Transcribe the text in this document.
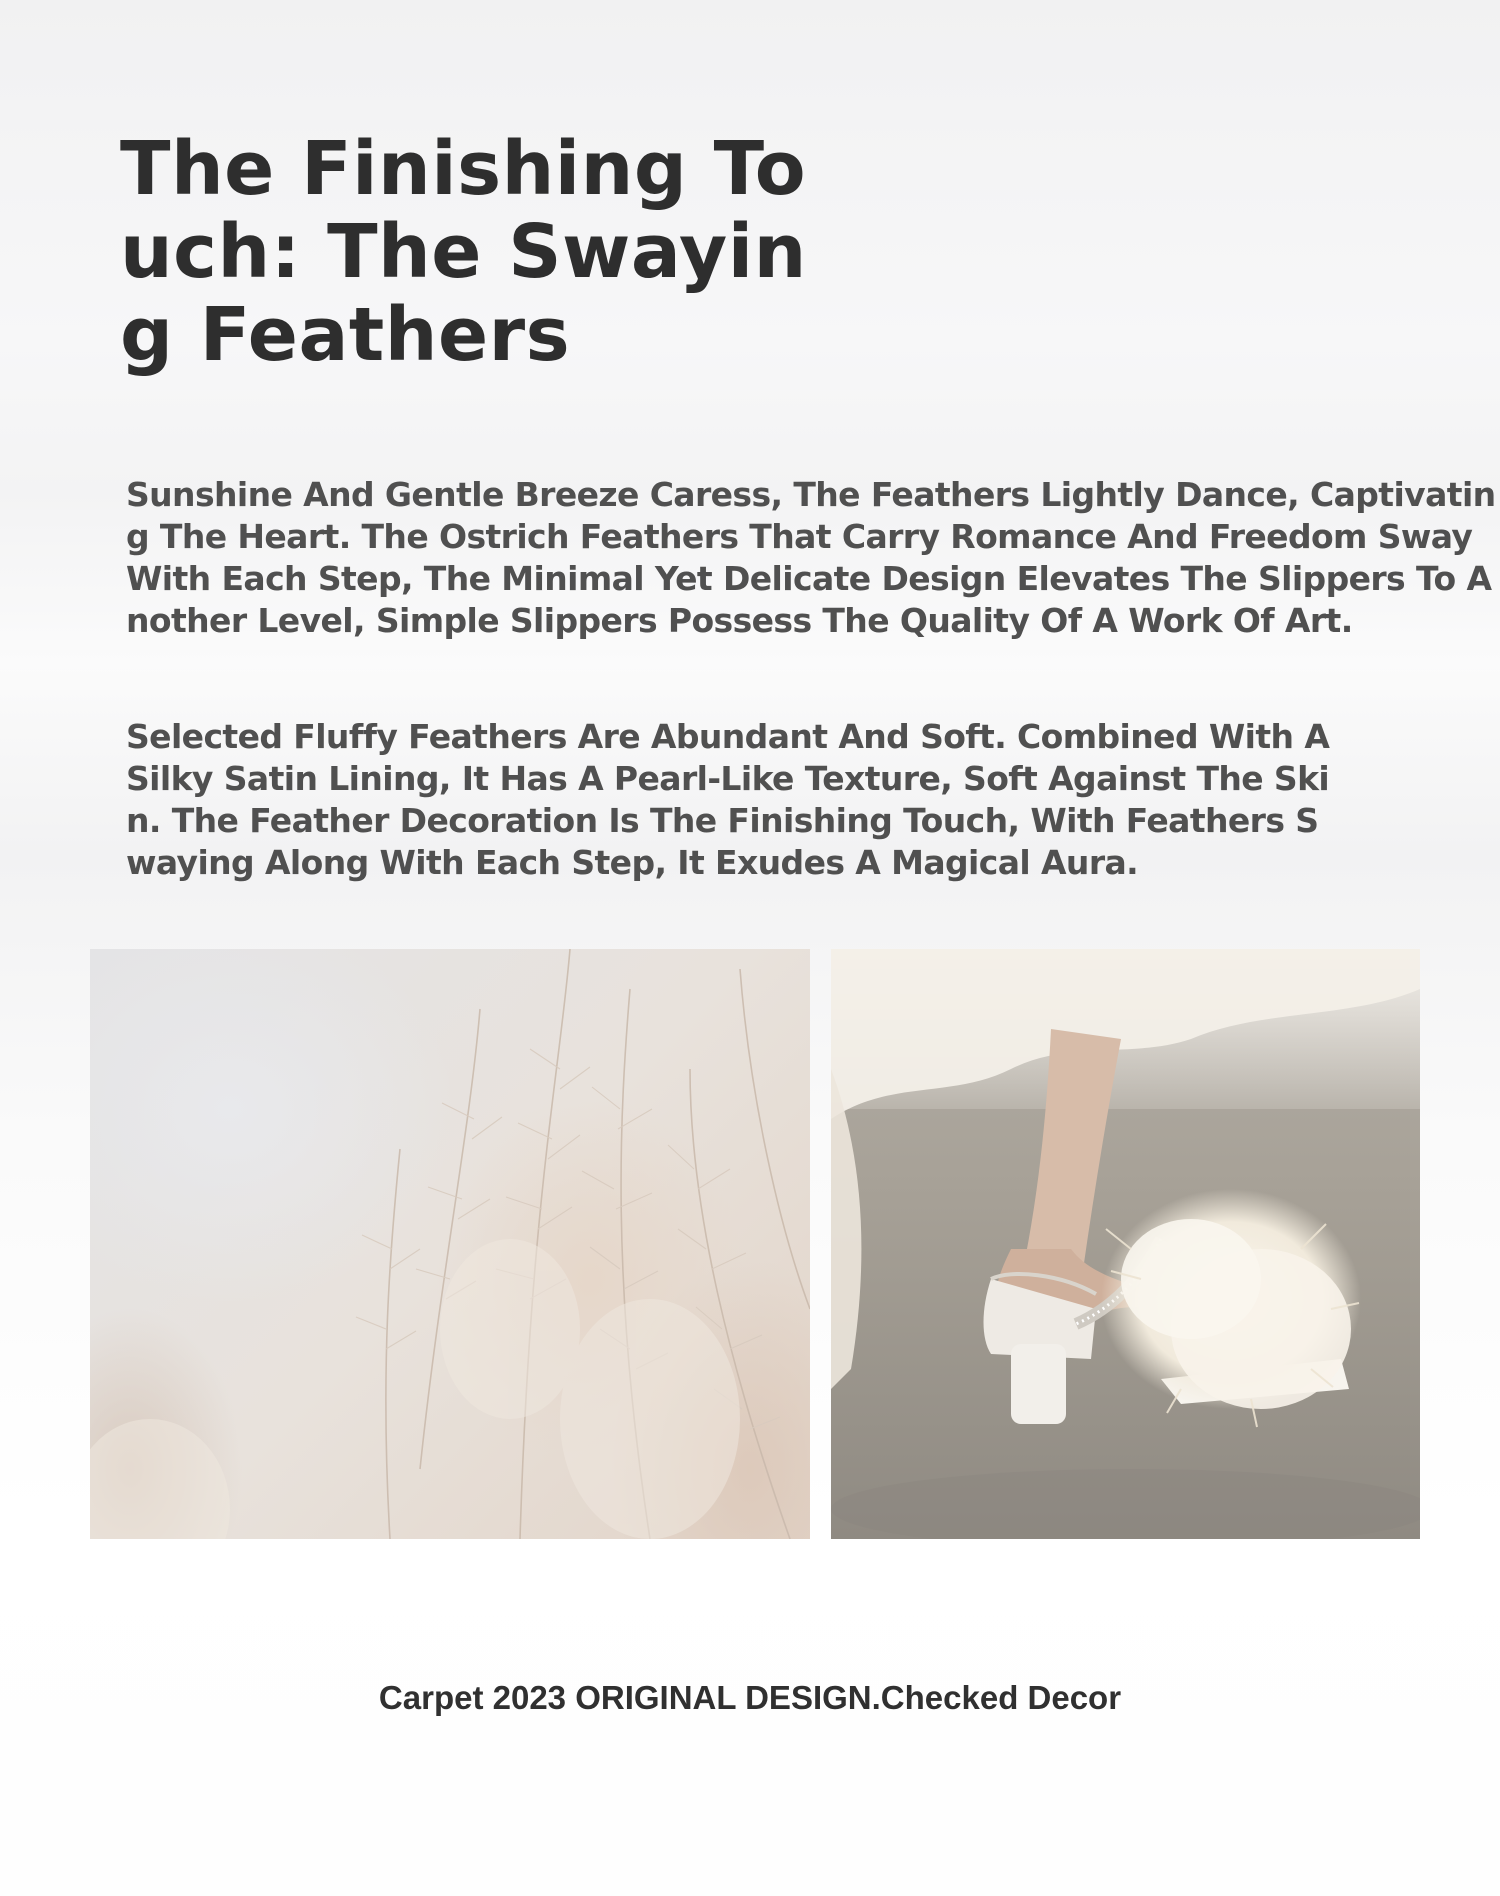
The Finishing Touch: The Swaying Feathers

Sunshine And Gentle Breeze Caress, The Feathers Lightly Dance, Captivating The Heart. The Ostrich Feathers That Carry Romance And Freedom Sway With Each Step, The Minimal Yet Delicate Design Elevates The Slippers To Another Level, Simple Slippers Possess The Quality Of A Work Of Art.

Selected Fluffy Feathers Are Abundant And Soft. Combined With A Silky Satin Lining, It Has A Pearl-Like Texture, Soft Against The Skin. The Feather Decoration Is The Finishing Touch, With Feathers Swaying Along With Each Step, It Exudes A Magical Aura.

Carpet 2023 ORIGINAL DESIGN.Checked Decor
